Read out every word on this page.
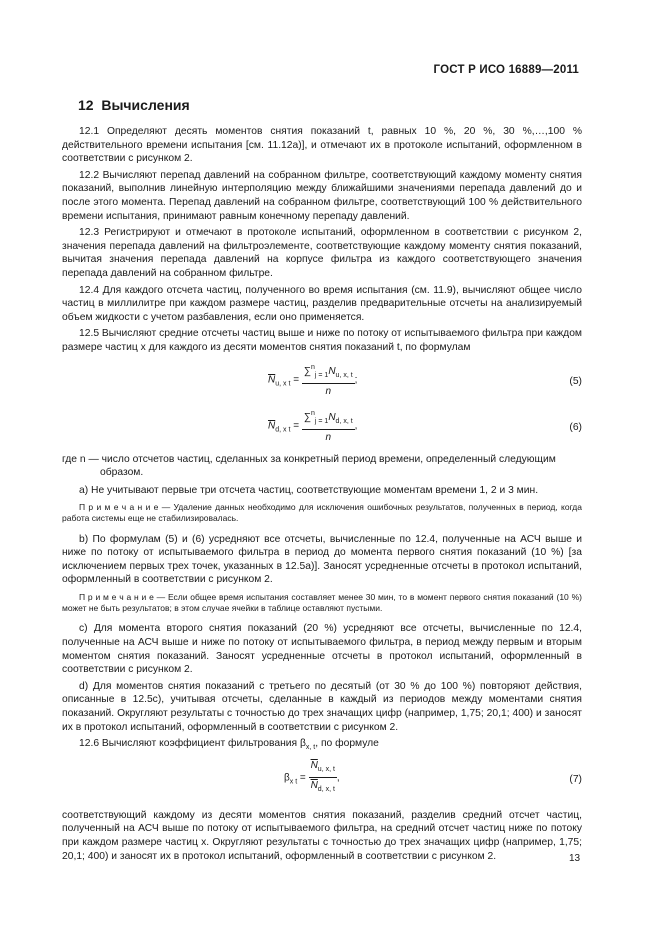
ГОСТ Р ИСО 16889—2011
12 Вычисления

12.1 Определяют десять моментов снятия показаний t, равных 10 %, 20 %, 30 %,…,100 % действительного времени испытания [см. 11.12а)], и отмечают их в протоколе испытаний, оформленном в соответствии с рисунком 2.

12.2 Вычисляют перепад давлений на собранном фильтре, соответствующий каждому моменту снятия показаний, выполнив линейную интерполяцию между ближайшими значениями перепада давлений до и после этого момента. Перепад давлений на собранном фильтре, соответствующий 100 % действительного времени испытания, принимают равным конечному перепаду давлений.

12.3 Регистрируют и отмечают в протоколе испытаний, оформленном в соответствии с рисунком 2, значения перепада давлений на фильтроэлементе, соответствующие каждому моменту снятия показаний, вычитая значения перепада давлений на корпусе фильтра из каждого соответствующего значения перепада давлений на собранном фильтре.

12.4 Для каждого отсчета частиц, полученного во время испытания (см. 11.9), вычисляют общее число частиц в миллилитре при каждом размере частиц, разделив предварительные отсчеты на анализируемый объем жидкости с учетом разбавления, если оно применяется.

12.5 Вычисляют средние отсчеты частиц выше и ниже по потоку от испытываемого фильтра при каждом размере частиц x для каждого из десяти моментов снятия показаний t, по формулам

$\overline{N}_{u, x t} = \frac{\sum^n_{j = 1}N_{u, x, t}}{n}$ ;	(5)
$\overline{N}_{d, x t} = \frac{\sum^n_{j = 1}N_{d, x, t}}{n}$ ,	(6)

где n — число отсчетов частиц, сделанных за конкретный период времени, определенный следующим

образом.

a) Не учитывают первые три отсчета частиц, соответствующие моментам времени 1, 2 и 3 мин.

П р и м е ч а н и е — Удаление данных необходимо для исключения ошибочных результатов, полученных в период, когда работа системы еще не стабилизировалась.

b) По формулам (5) и (6) усредняют все отсчеты, вычисленные по 12.4, полученные на АСЧ выше и ниже по потоку от испытываемого фильтра в период до момента первого снятия показаний (10 %) [за исключением первых трех точек, указанных в 12.5а)]. Заносят усредненные отсчеты в протокол испытаний, оформленный в соответствии с рисунком 2.

П р и м е ч а н и е — Если общее время испытания составляет менее 30 мин, то в момент первого снятия показаний (10 %) может не быть результатов; в этом случае ячейки в таблице оставляют пустыми.

c) Для момента второго снятия показаний (20 %) усредняют все отсчеты, вычисленные по 12.4, полученные на АСЧ выше и ниже по потоку от испытываемого фильтра, в период между первым и вторым моментом снятия показаний. Заносят усредненные отсчеты в протокол испытаний, оформленный в соответствии с рисунком 2.

d) Для моментов снятия показаний с третьего по десятый (от 30 % до 100 %) повторяют действия, описанные в 12.5с), учитывая отсчеты, сделанные в каждый из периодов между моментами снятия показаний. Округляют результаты с точностью до трех значащих цифр (например, 1,75; 20,1; 400) и заносят их в протокол испытаний, оформленный в соответствии с рисунком 2.

12.6 Вычисляют коэффициент фильтрования $\beta_{x, t}$, по формуле

$\beta_{x t} = \frac{\overline{N}_{u, x, t}}{\overline{N}_{d, x, t}}$ ,	(7)

соответствующий каждому из десяти моментов снятия показаний, разделив средний отсчет частиц, полученный на АСЧ выше по потоку от испытываемого фильтра, на средний отсчет частиц ниже по потоку при каждом размере частиц x. Округляют результаты с точностью до трех значащих цифр (например, 1,75; 20,1; 400) и заносят их в протокол испытаний, оформленный в соответствии с рисунком 2.	13
